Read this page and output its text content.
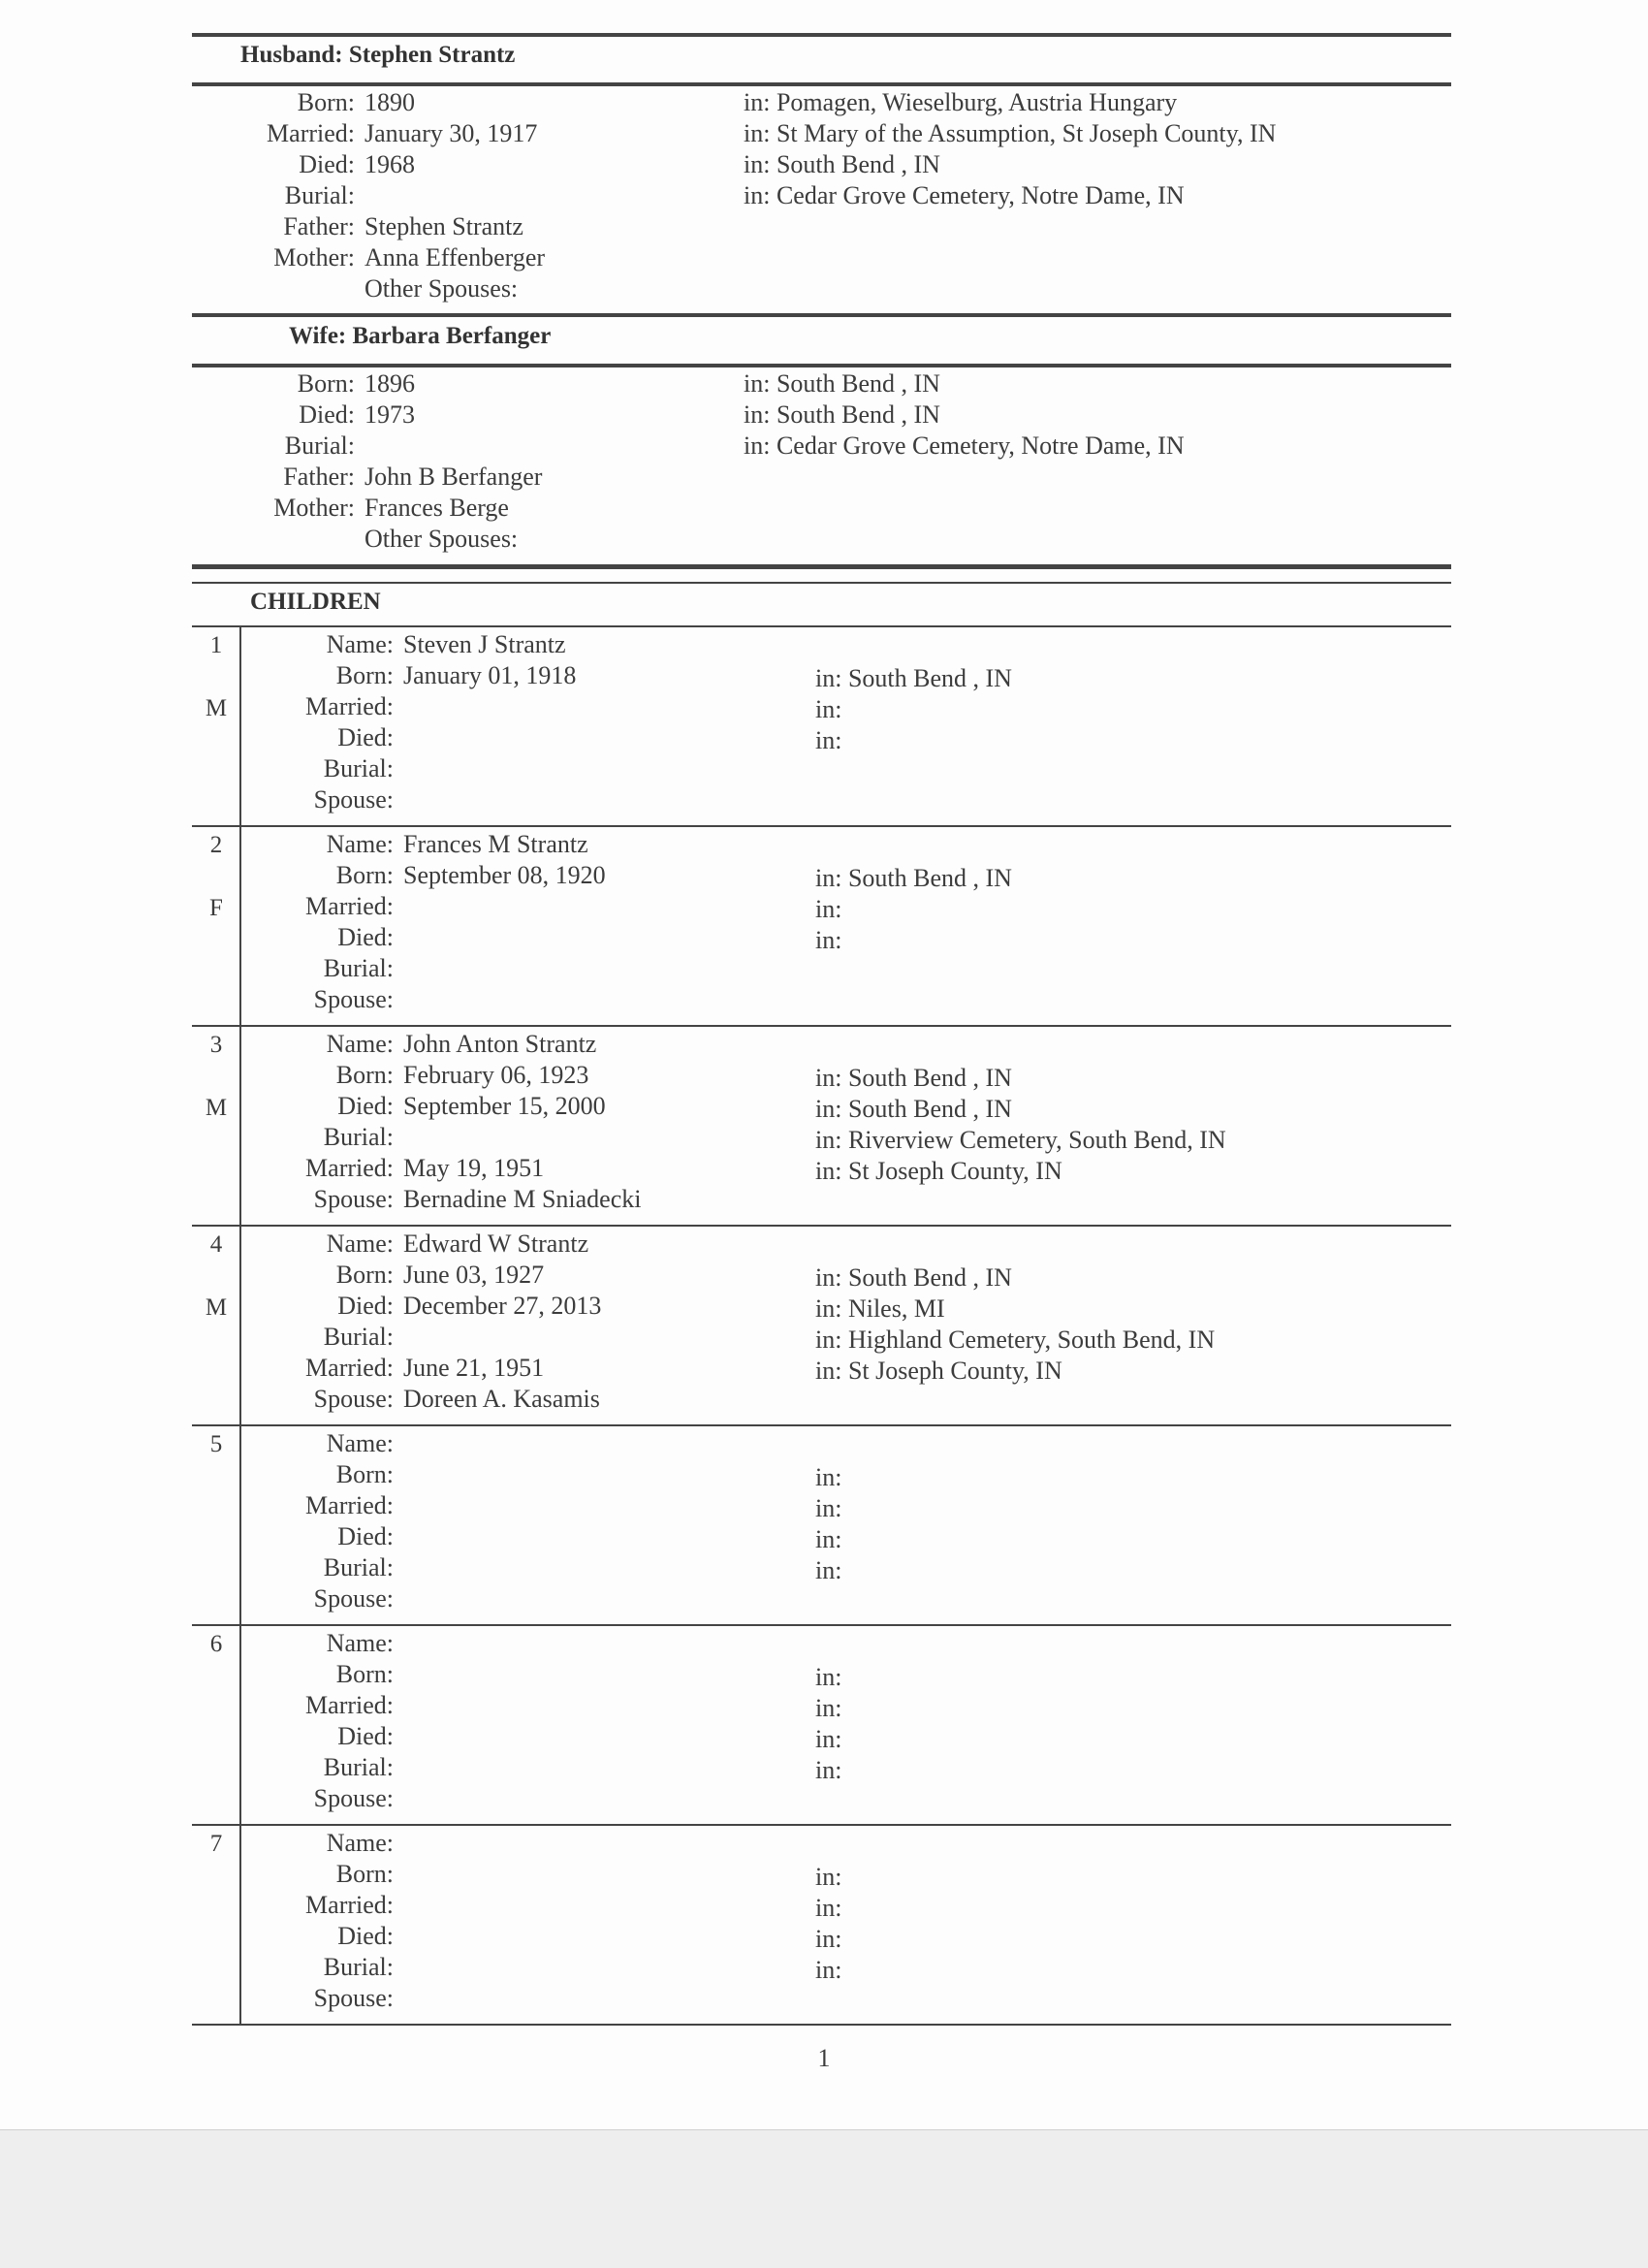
Husband: Stephen Strantz
Born: 1890	in: Pomagen, Wieselburg, Austria Hungary
Married: January 30, 1917	in: St Mary of the Assumption, St Joseph County, IN
Died: 1968	in: South Bend , IN
Burial:	in: Cedar Grove Cemetery, Notre Dame, IN
Father: Stephen Strantz
Mother: Anna Effenberger
Other Spouses:
Wife: Barbara Berfanger
Born: 1896	in: South Bend , IN
Died: 1973	in: South Bend , IN
Burial:	in: Cedar Grove Cemetery, Notre Dame, IN
Father: John B Berfanger
Mother: Frances Berge
Other Spouses:
CHILDREN
1
M
Name: Steven J Strantz
Born: January 01, 1918	in: South Bend , IN
Married:	in:
Died:	in:
Burial:
Spouse:
2
F
Name: Frances M Strantz
Born: September 08, 1920	in: South Bend , IN
Married:	in:
Died:	in:
Burial:
Spouse:
3
M
Name: John Anton Strantz
Born: February 06, 1923	in: South Bend , IN
Died: September 15, 2000	in: South Bend , IN
Burial:	in: Riverview Cemetery, South Bend, IN
Married: May 19, 1951	in: St Joseph County, IN
Spouse: Bernadine M Sniadecki
4
M
Name: Edward W Strantz
Born: June 03, 1927	in: South Bend , IN
Died: December 27, 2013	in: Niles, MI
Burial:	in: Highland Cemetery, South Bend, IN
Married: June 21, 1951	in: St Joseph County, IN
Spouse: Doreen A. Kasamis
5	Name:
Born:	in:
Married:	in:
Died:	in:
Burial:	in:
Spouse:
6	Name:
Born:	in:
Married:	in:
Died:	in:
Burial:	in:
Spouse:
7	Name:
Born:	in:
Married:	in:
Died:	in:
Burial:	in:
Spouse:
1
